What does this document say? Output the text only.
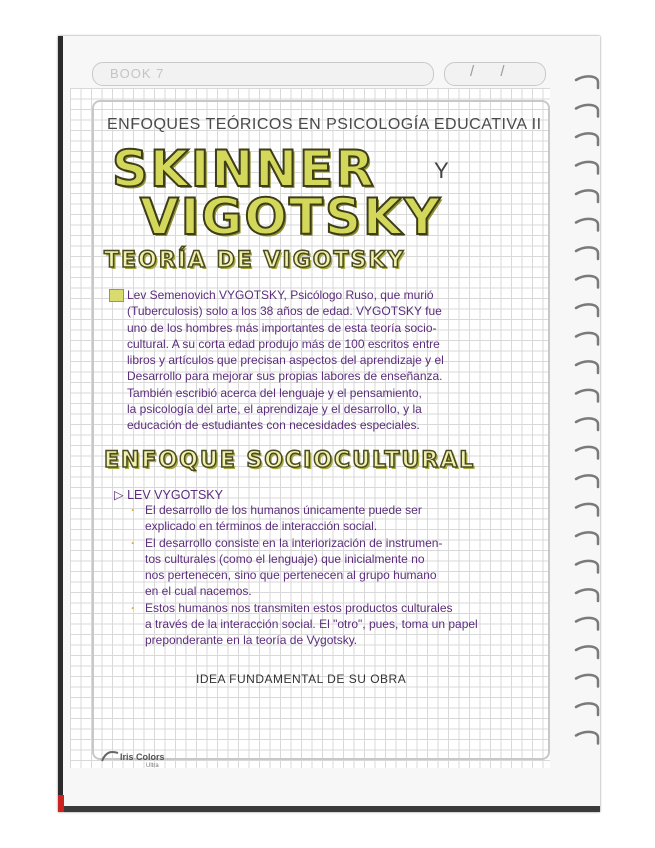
BOOK 7	/ /
ENFOQUES TEÓRICOS EN PSICOLOGÍA EDUCATIVA II
SKINNER
VIGOTSKY
Y
TEORÍA DE VIGOTSKY
Lev Semenovich VYGOTSKY, Psicólogo Ruso, que murió
(Tuberculosis) solo a los 38 años de edad. VYGOTSKY fue
uno de los hombres más importantes de esta teoría socio-
cultural. A su corta edad produjo más de 100 escritos entre
libros y artículos que precisan aspectos del aprendizaje y el
Desarrollo para mejorar sus propias labores de enseñanza.
También escribió acerca del lenguaje y el pensamiento,
la psicología del arte, el aprendizaje y el desarrollo, y la
educación de estudiantes con necesidades especiales.
ENFOQUE SOCIOCULTURAL
▷ LEV VYGOTSKY
· El desarrollo de los humanos únicamente puede ser
explicado en términos de interacción social.
· El desarrollo consiste en la interiorización de instrumen-
tos culturales (como el lenguaje) que inicialmente no
nos pertenecen, sino que pertenecen al grupo humano
en el cual nacemos.
· Estos humanos nos transmiten estos productos culturales
a través de la interacción social. El "otro", pues, toma un papel
preponderante en la teoría de Vygotsky.
IDEA FUNDAMENTAL DE SU OBRA
Iris Colors
Ultra
